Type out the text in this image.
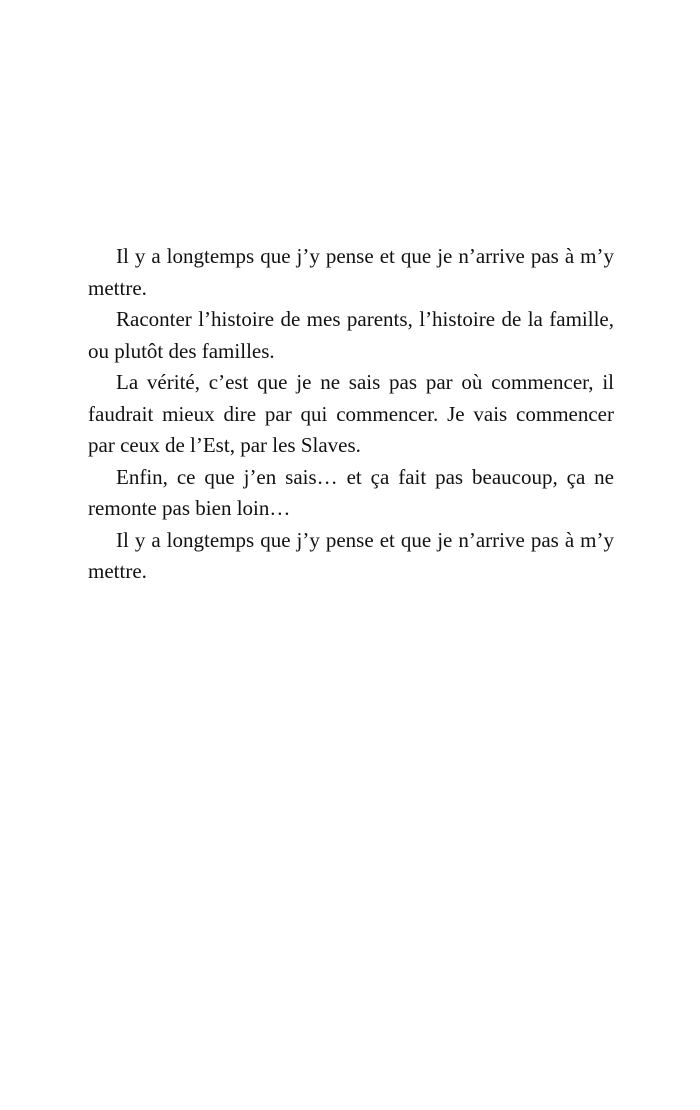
Il y a longtemps que j’y pense et que je n’arrive pas à m’y mettre.

Raconter l’histoire de mes parents, l’histoire de la famille, ou plutôt des familles.

La vérité, c’est que je ne sais pas par où commencer, il faudrait mieux dire par qui commencer. Je vais commencer par ceux de l’Est, par les Slaves.

Enfin, ce que j’en sais… et ça fait pas beaucoup, ça ne remonte pas bien loin…

Il y a longtemps que j’y pense et que je n’arrive pas à m’y mettre.
